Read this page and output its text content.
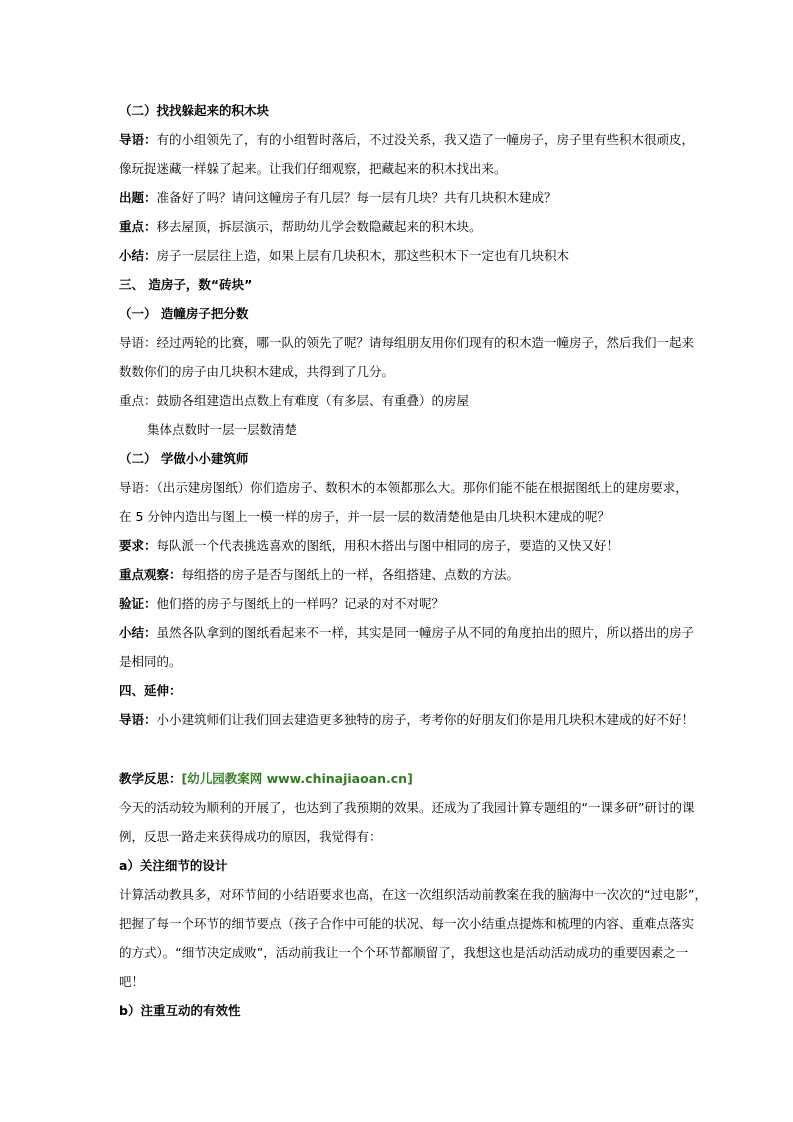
（二）找找躲起来的积木块
导语：有的小组领先了，有的小组暂时落后，不过没关系，我又造了一幢房子，房子里有些积木很顽皮，
像玩捉迷藏一样躲了起来。让我们仔细观察，把藏起来的积木找出来。
出题：准备好了吗？请问这幢房子有几层？每一层有几块？共有几块积木建成？
重点：移去屋顶，拆层演示，帮助幼儿学会数隐藏起来的积木块。
小结：房子一层层往上造，如果上层有几块积木，那这些积木下一定也有几块积木
三、 造房子，数“砖块”
（一） 造幢房子把分数
导语：经过两轮的比赛，哪一队的领先了呢？请每组朋友用你们现有的积木造一幢房子，然后我们一起来
数数你们的房子由几块积木建成，共得到了几分。
重点：鼓励各组建造出点数上有难度（有多层、有重叠）的房屋
集体点数时一层一层数清楚
（二） 学做小小建筑师
导语：（出示建房图纸）你们造房子、数积木的本领都那么大。那你们能不能在根据图纸上的建房要求，
在 5 分钟内造出与图上一模一样的房子，并一层一层的数清楚他是由几块积木建成的呢？
要求：每队派一个代表挑选喜欢的图纸，用积木搭出与图中相同的房子，要造的又快又好！
重点观察：每组搭的房子是否与图纸上的一样，各组搭建、点数的方法。
验证：他们搭的房子与图纸上的一样吗？记录的对不对呢？
小结：虽然各队拿到的图纸看起来不一样，其实是同一幢房子从不同的角度拍出的照片，所以搭出的房子
是相同的。
四、延伸：
导语：小小建筑师们让我们回去建造更多独特的房子，考考你的好朋友们你是用几块积木建成的好不好！
教学反思：[幼儿园教案网 www.chinajiaoan.cn]
今天的活动较为顺利的开展了，也达到了我预期的效果。还成为了我园计算专题组的“一课多研”研讨的课
例，反思一路走来获得成功的原因，我觉得有：
a）关注细节的设计
计算活动教具多，对环节间的小结语要求也高，在这一次组织活动前教案在我的脑海中一次次的“过电影”，
把握了每一个环节的细节要点（孩子合作中可能的状况、每一次小结重点提炼和梳理的内容、重难点落实
的方式）。“细节决定成败”，活动前我让一个个环节都顺留了，我想这也是活动活动成功的重要因素之一
吧！
b）注重互动的有效性
